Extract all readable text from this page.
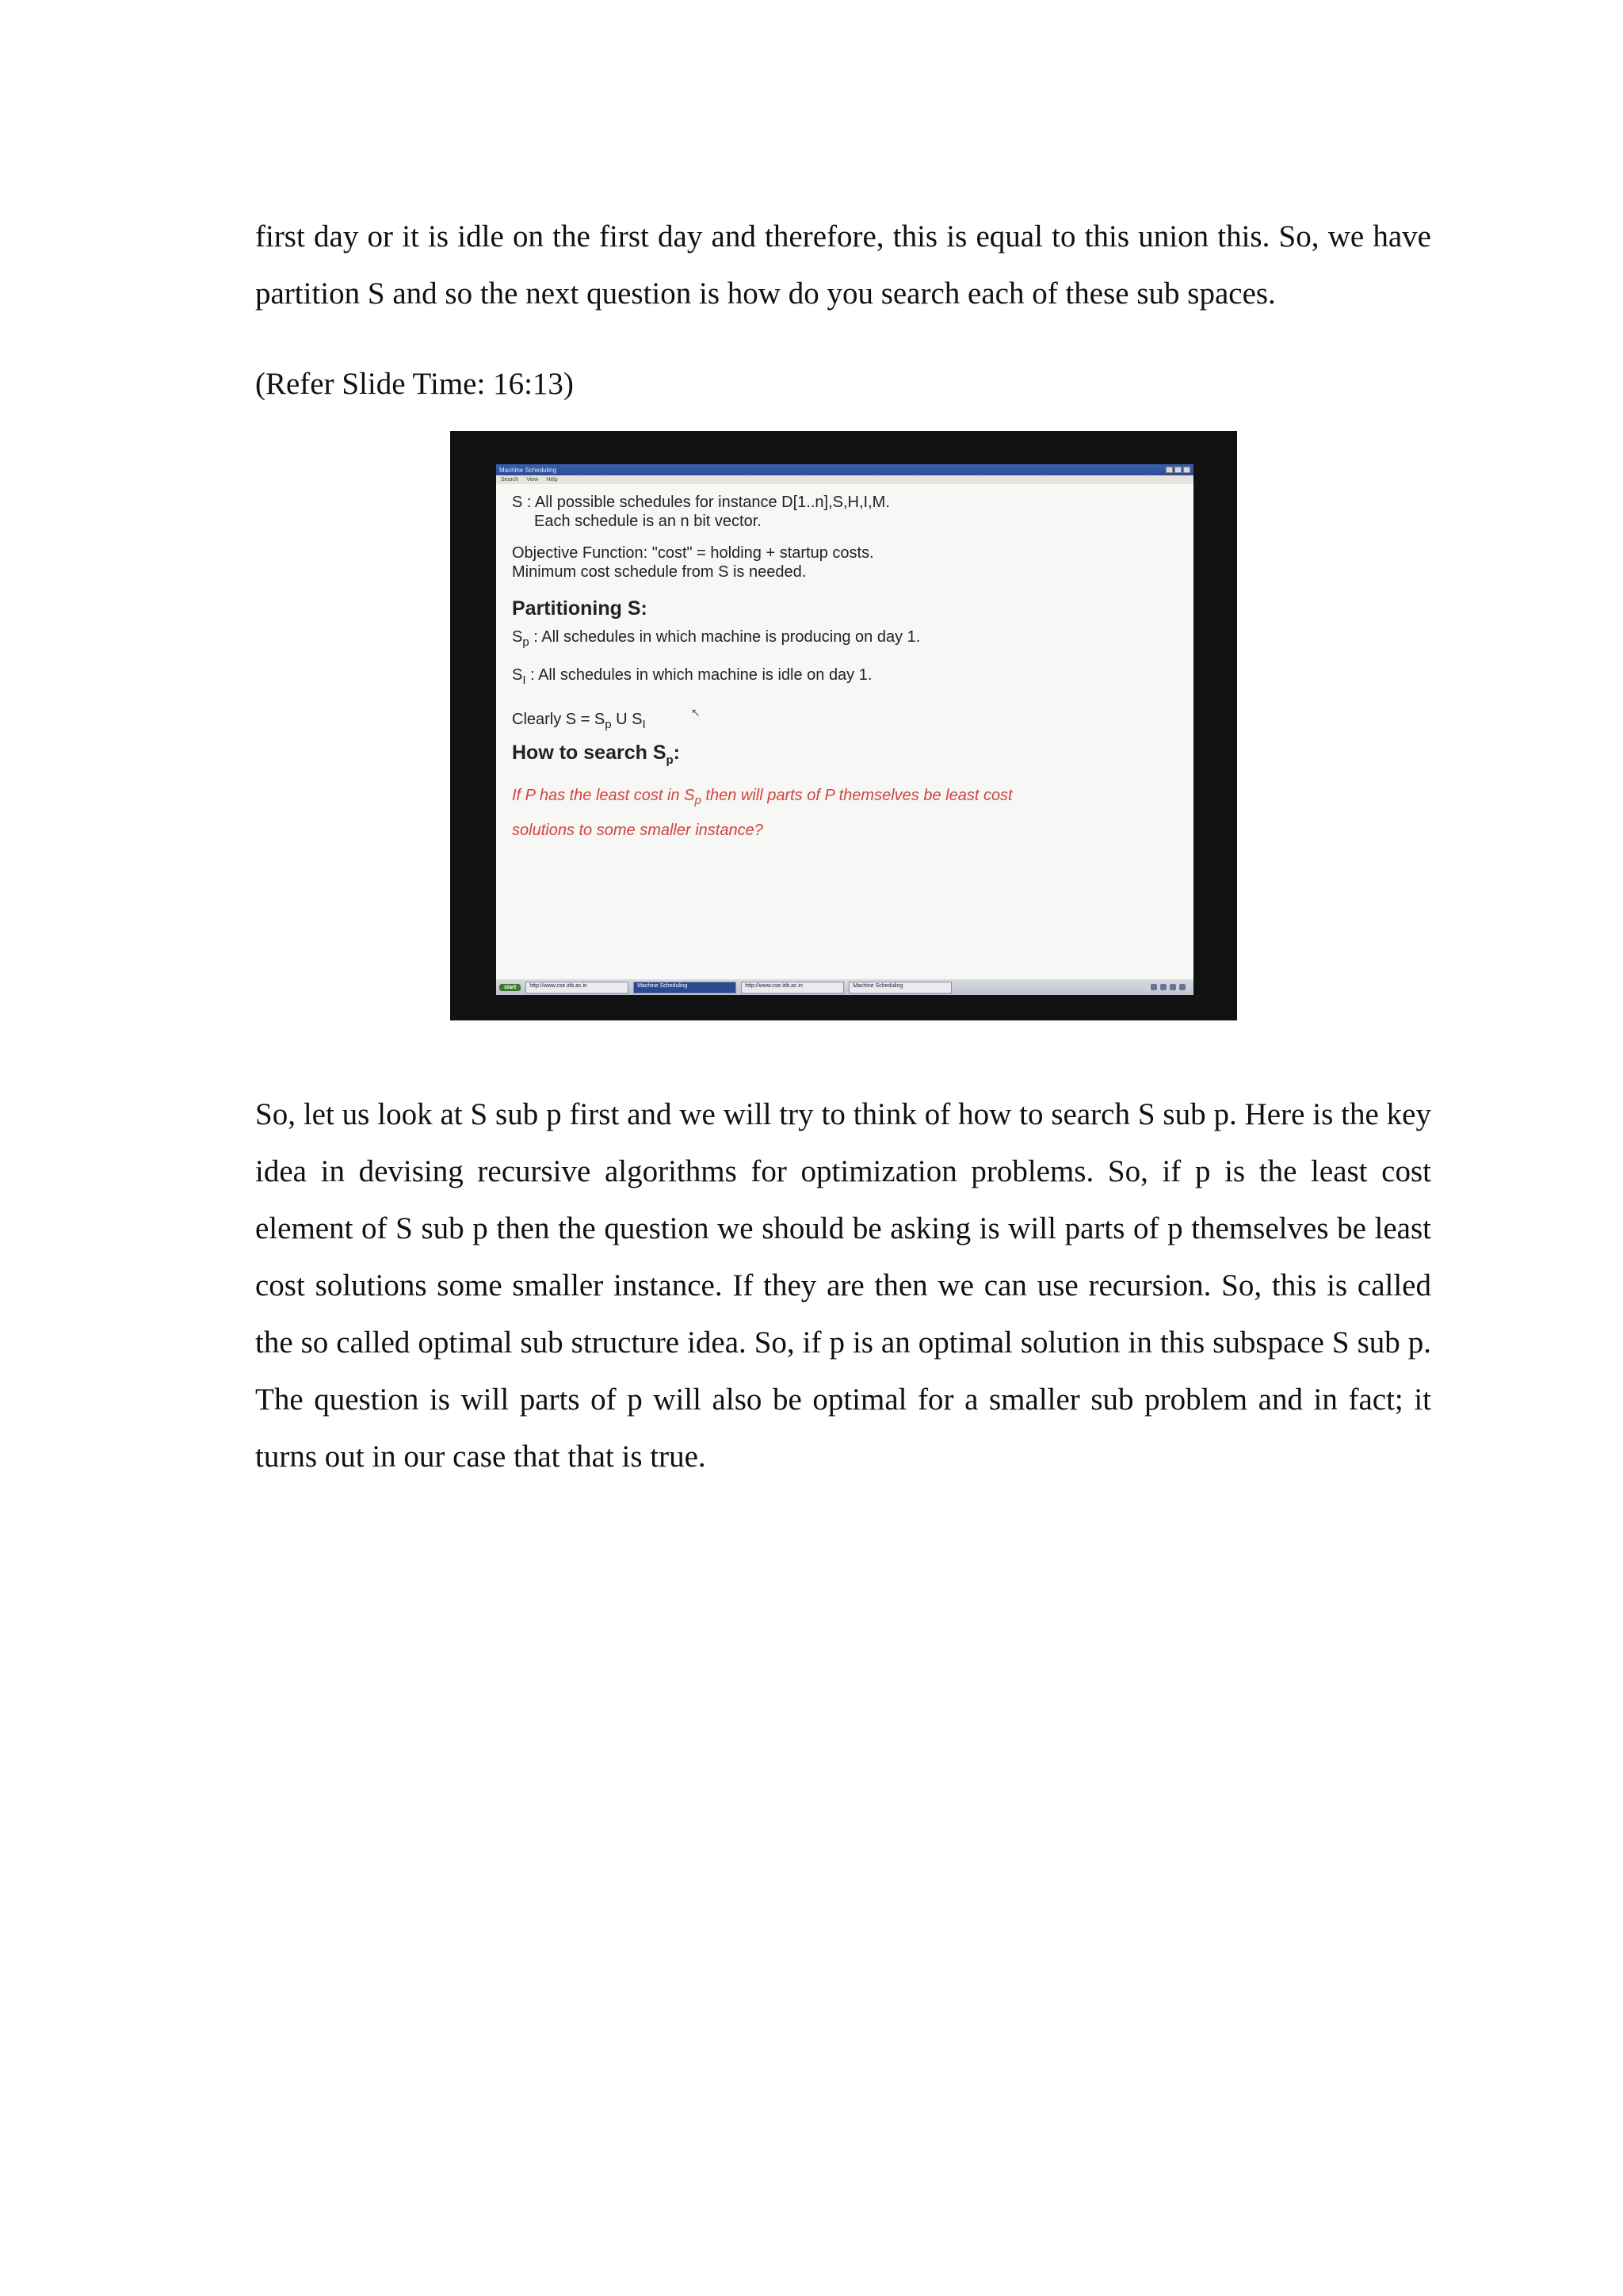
first day or it is idle on the first day and therefore, this is equal to this union this. So, we have partition S and so the next question is how do you search each of these sub spaces.

(Refer Slide Time: 16:13)

Machine Scheduling
Search View Help
S : All possible schedules for instance D[1..n],S,H,I,M.
Each schedule is an n bit vector.
Objective Function: "cost" = holding + startup costs.
Minimum cost schedule from S is needed.
↖
Partitioning S:
$S_p$ : All schedules in which machine is producing on day 1.
$S_I$ : All schedules in which machine is idle on day 1.
Clearly $S = S_p$ U $S_I$
How to search $S_p$:
If P has the least cost in $S_p$ then will parts of P themselves be least cost
solutions to some smaller instance?
start	http://www.cse.iitb.ac.in	Machine Scheduling	http://www.cse.iitb.ac.in	Machine Scheduling

So, let us look at S sub p first and we will try to think of how to search S sub p. Here is the key idea in devising recursive algorithms for optimization problems. So, if p is the least cost element of S sub p then the question we should be asking is will parts of p themselves be least cost solutions some smaller instance. If they are then we can use recursion. So, this is called the so called optimal sub structure idea. So, if p is an optimal solution in this subspace S sub p. The question is will parts of p will also be optimal for a smaller sub problem and in fact; it turns out in our case that that is true.
